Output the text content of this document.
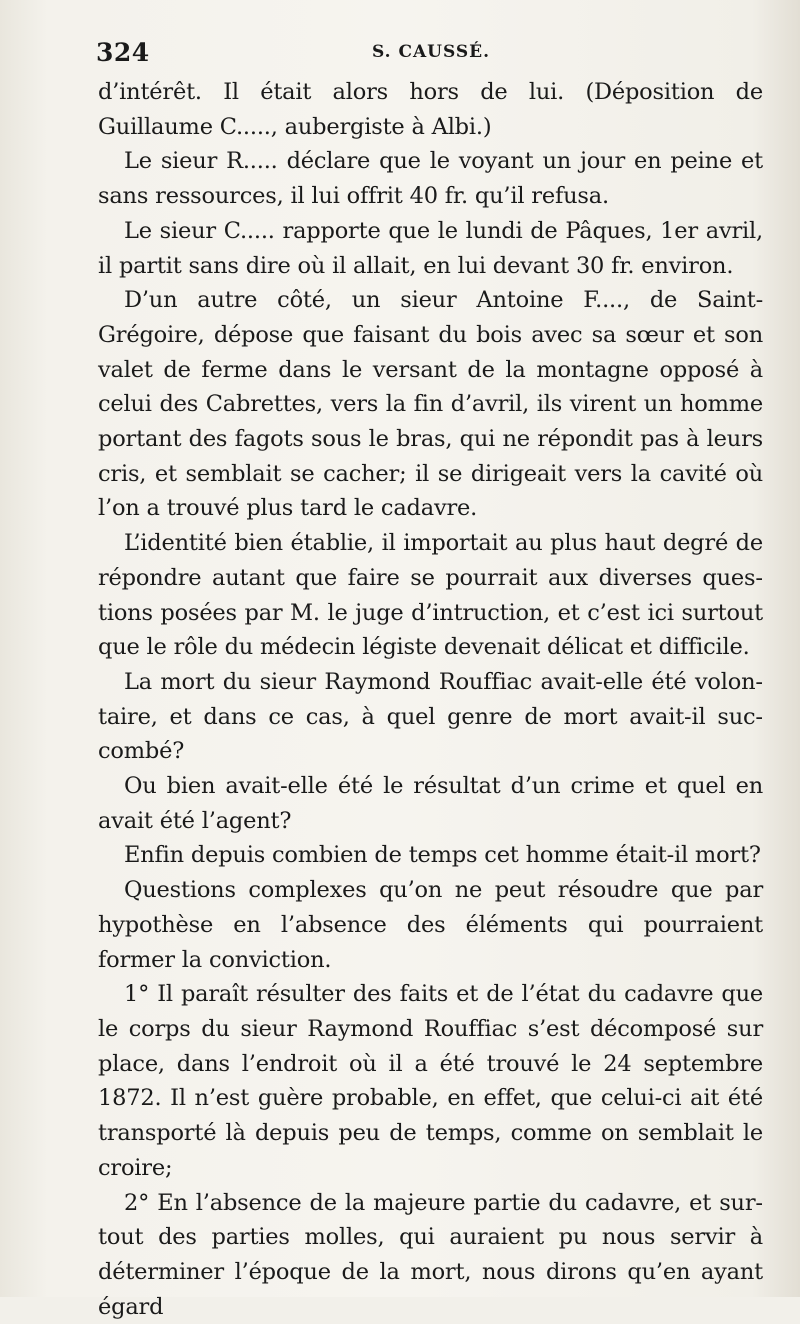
324	S. CAUSSÉ.

d’intérêt. Il était alors hors de lui. (Déposition de Guillaume C....., aubergiste à Albi.)

Le sieur R..... déclare que le voyant un jour en peine et sans ressources, il lui offrit 40 fr. qu’il refusa.

Le sieur C..... rapporte que le lundi de Pâques, 1er avril, il partit sans dire où il allait, en lui devant 30 fr. environ.

D’un autre côté, un sieur Antoine F...., de Saint-Grégoire, dépose que faisant du bois avec sa sœur et son valet de ferme dans le versant de la montagne opposé à celui des Cabrettes, vers la fin d’avril, ils virent un homme portant des fagots sous le bras, qui ne répondit pas à leurs cris, et semblait se cacher; il se dirigeait vers la cavité où l’on a trouvé plus tard le cadavre.

L’identité bien établie, il importait au plus haut degré de répondre autant que faire se pourrait aux diverses questions posées par M. le juge d’intruction, et c’est ici surtout que le rôle du médecin légiste devenait délicat et difficile.

La mort du sieur Raymond Rouffiac avait-elle été volontaire, et dans ce cas, à quel genre de mort avait-il succombé?

Ou bien avait-elle été le résultat d’un crime et quel en avait été l’agent?

Enfin depuis combien de temps cet homme était-il mort?

Questions complexes qu’on ne peut résoudre que par hypothèse en l’absence des éléments qui pourraient former la conviction.

1° Il paraît résulter des faits et de l’état du cadavre que le corps du sieur Raymond Rouffiac s’est décomposé sur place, dans l’endroit où il a été trouvé le 24 septembre 1872. Il n’est guère probable, en effet, que celui-ci ait été transporté là depuis peu de temps, comme on semblait le croire;

2° En l’absence de la majeure partie du cadavre, et surtout des parties molles, qui auraient pu nous servir à déterminer l’époque de la mort, nous dirons qu’en ayant égard
